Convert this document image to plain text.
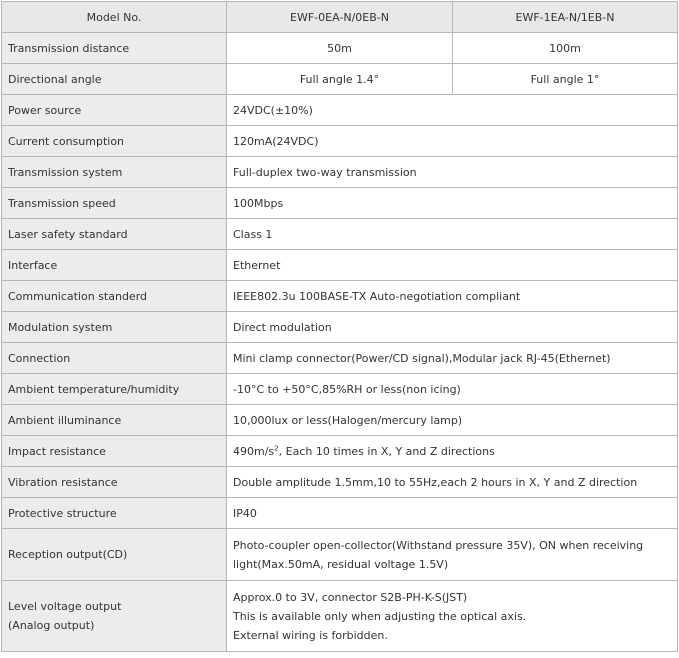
Model No.	EWF-0EA-N/0EB-N	EWF-1EA-N/1EB-N
Transmission distance	50m	100m
Directional angle	Full angle 1.4°	Full angle 1°
Power source	24VDC(±10%)	
Current consumption	120mA(24VDC)	
Transmission system	Full-duplex two-way transmission	
Transmission speed	100Mbps	
Laser safety standard	Class 1	
Interface	Ethernet	
Communication standerd	IEEE802.3u 100BASE-TX Auto-negotiation compliant	
Modulation system	Direct modulation	
Connection	Mini clamp connector(Power/CD signal),Modular jack RJ-45(Ethernet)	
Ambient temperature/humidity	-10°C to +50°C,85%RH or less(non icing)	
Ambient illuminance	10,000lux or less(Halogen/mercury lamp)	
Impact resistance	$490m/s^2$, Each 10 times in X, Y and Z directions	
Vibration resistance	Double amplitude 1.5mm,10 to 55Hz,each 2 hours in X, Y and Z direction	
Protective structure	IP40	
Reception output(CD)	Photo-coupler open-collector(Withstand pressure 35V), ON when receiving
light(Max.50mA, residual voltage 1.5V)	

Level voltage output
(Analog output)	Approx.0 to 3V, connector S2B-PH-K-S(JST)
This is available only when adjusting the optical axis.
External wiring is forbidden.	
